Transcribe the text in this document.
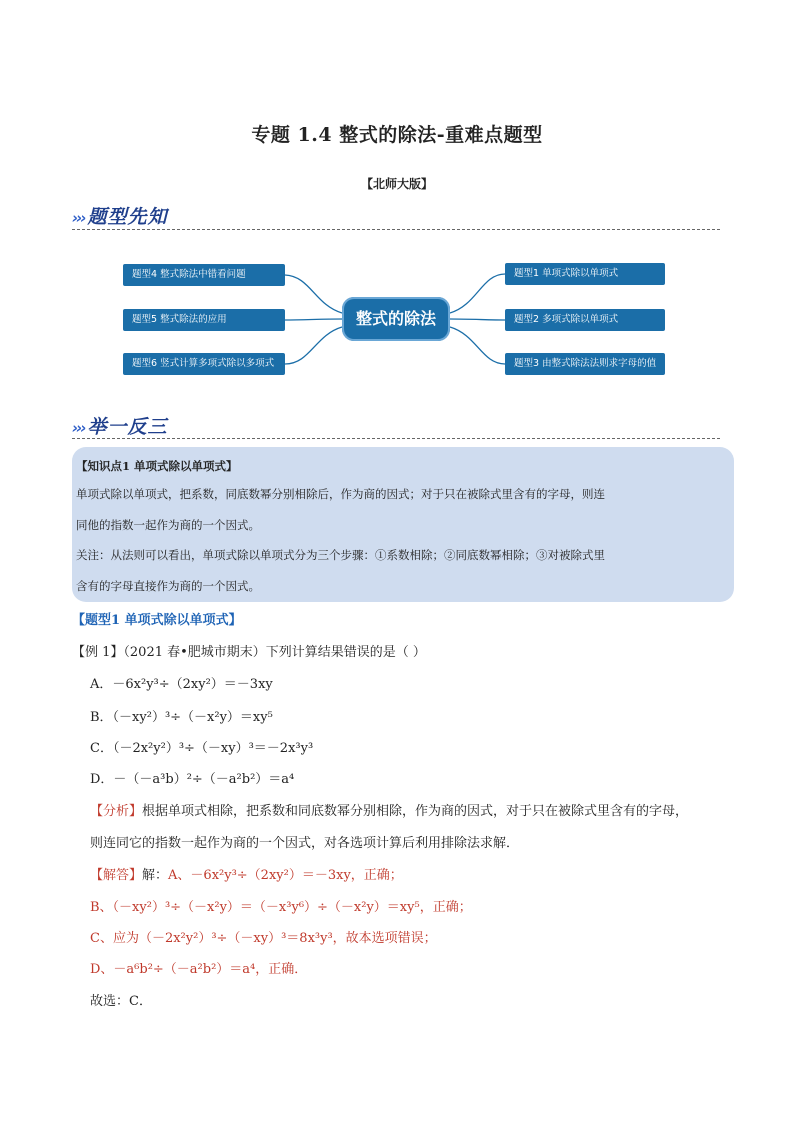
专题 1.4 整式的除法-重难点题型
【北师大版】
››› 题型先知
题型4 整式除法中错看问题
题型5 整式除法的应用
题型6 竖式计算多项式除以多项式
整式的除法
题型1 单项式除以单项式
题型2 多项式除以单项式
题型3 由整式除法法则求字母的值
››› 举一反三
【知识点1 单项式除以单项式】
单项式除以单项式，把系数，同底数幂分别相除后，作为商的因式；对于只在被除式里含有的字母，则连
同他的指数一起作为商的一个因式。
关注：从法则可以看出，单项式除以单项式分为三个步骤：①系数相除；②同底数幂相除；③对被除式里
含有的字母直接作为商的一个因式。
【题型1 单项式除以单项式】
【例 1】（2021 春•肥城市期末）下列计算结果错误的是（ ）
A．－6x²y³÷（2xy²）＝－3xy
B．（－xy²）³÷（－x²y）＝xy⁵
C．（－2x²y²）³÷（－xy）³＝－2x³y³
D．－（－a³b）²÷（－a²b²）＝a⁴
【分析】根据单项式相除，把系数和同底数幂分别相除，作为商的因式，对于只在被除式里含有的字母，
则连同它的指数一起作为商的一个因式，对各选项计算后利用排除法求解．
【解答】解：A、－6x²y³÷（2xy²）＝－3xy，正确；
B、（－xy²）³÷（－x²y）＝（－x³y⁶）÷（－x²y）＝xy⁵，正确；
C、应为（－2x²y²）³÷（－xy）³＝8x³y³，故本选项错误；
D、－a⁶b²÷（－a²b²）＝a⁴，正确．
故选：C．
